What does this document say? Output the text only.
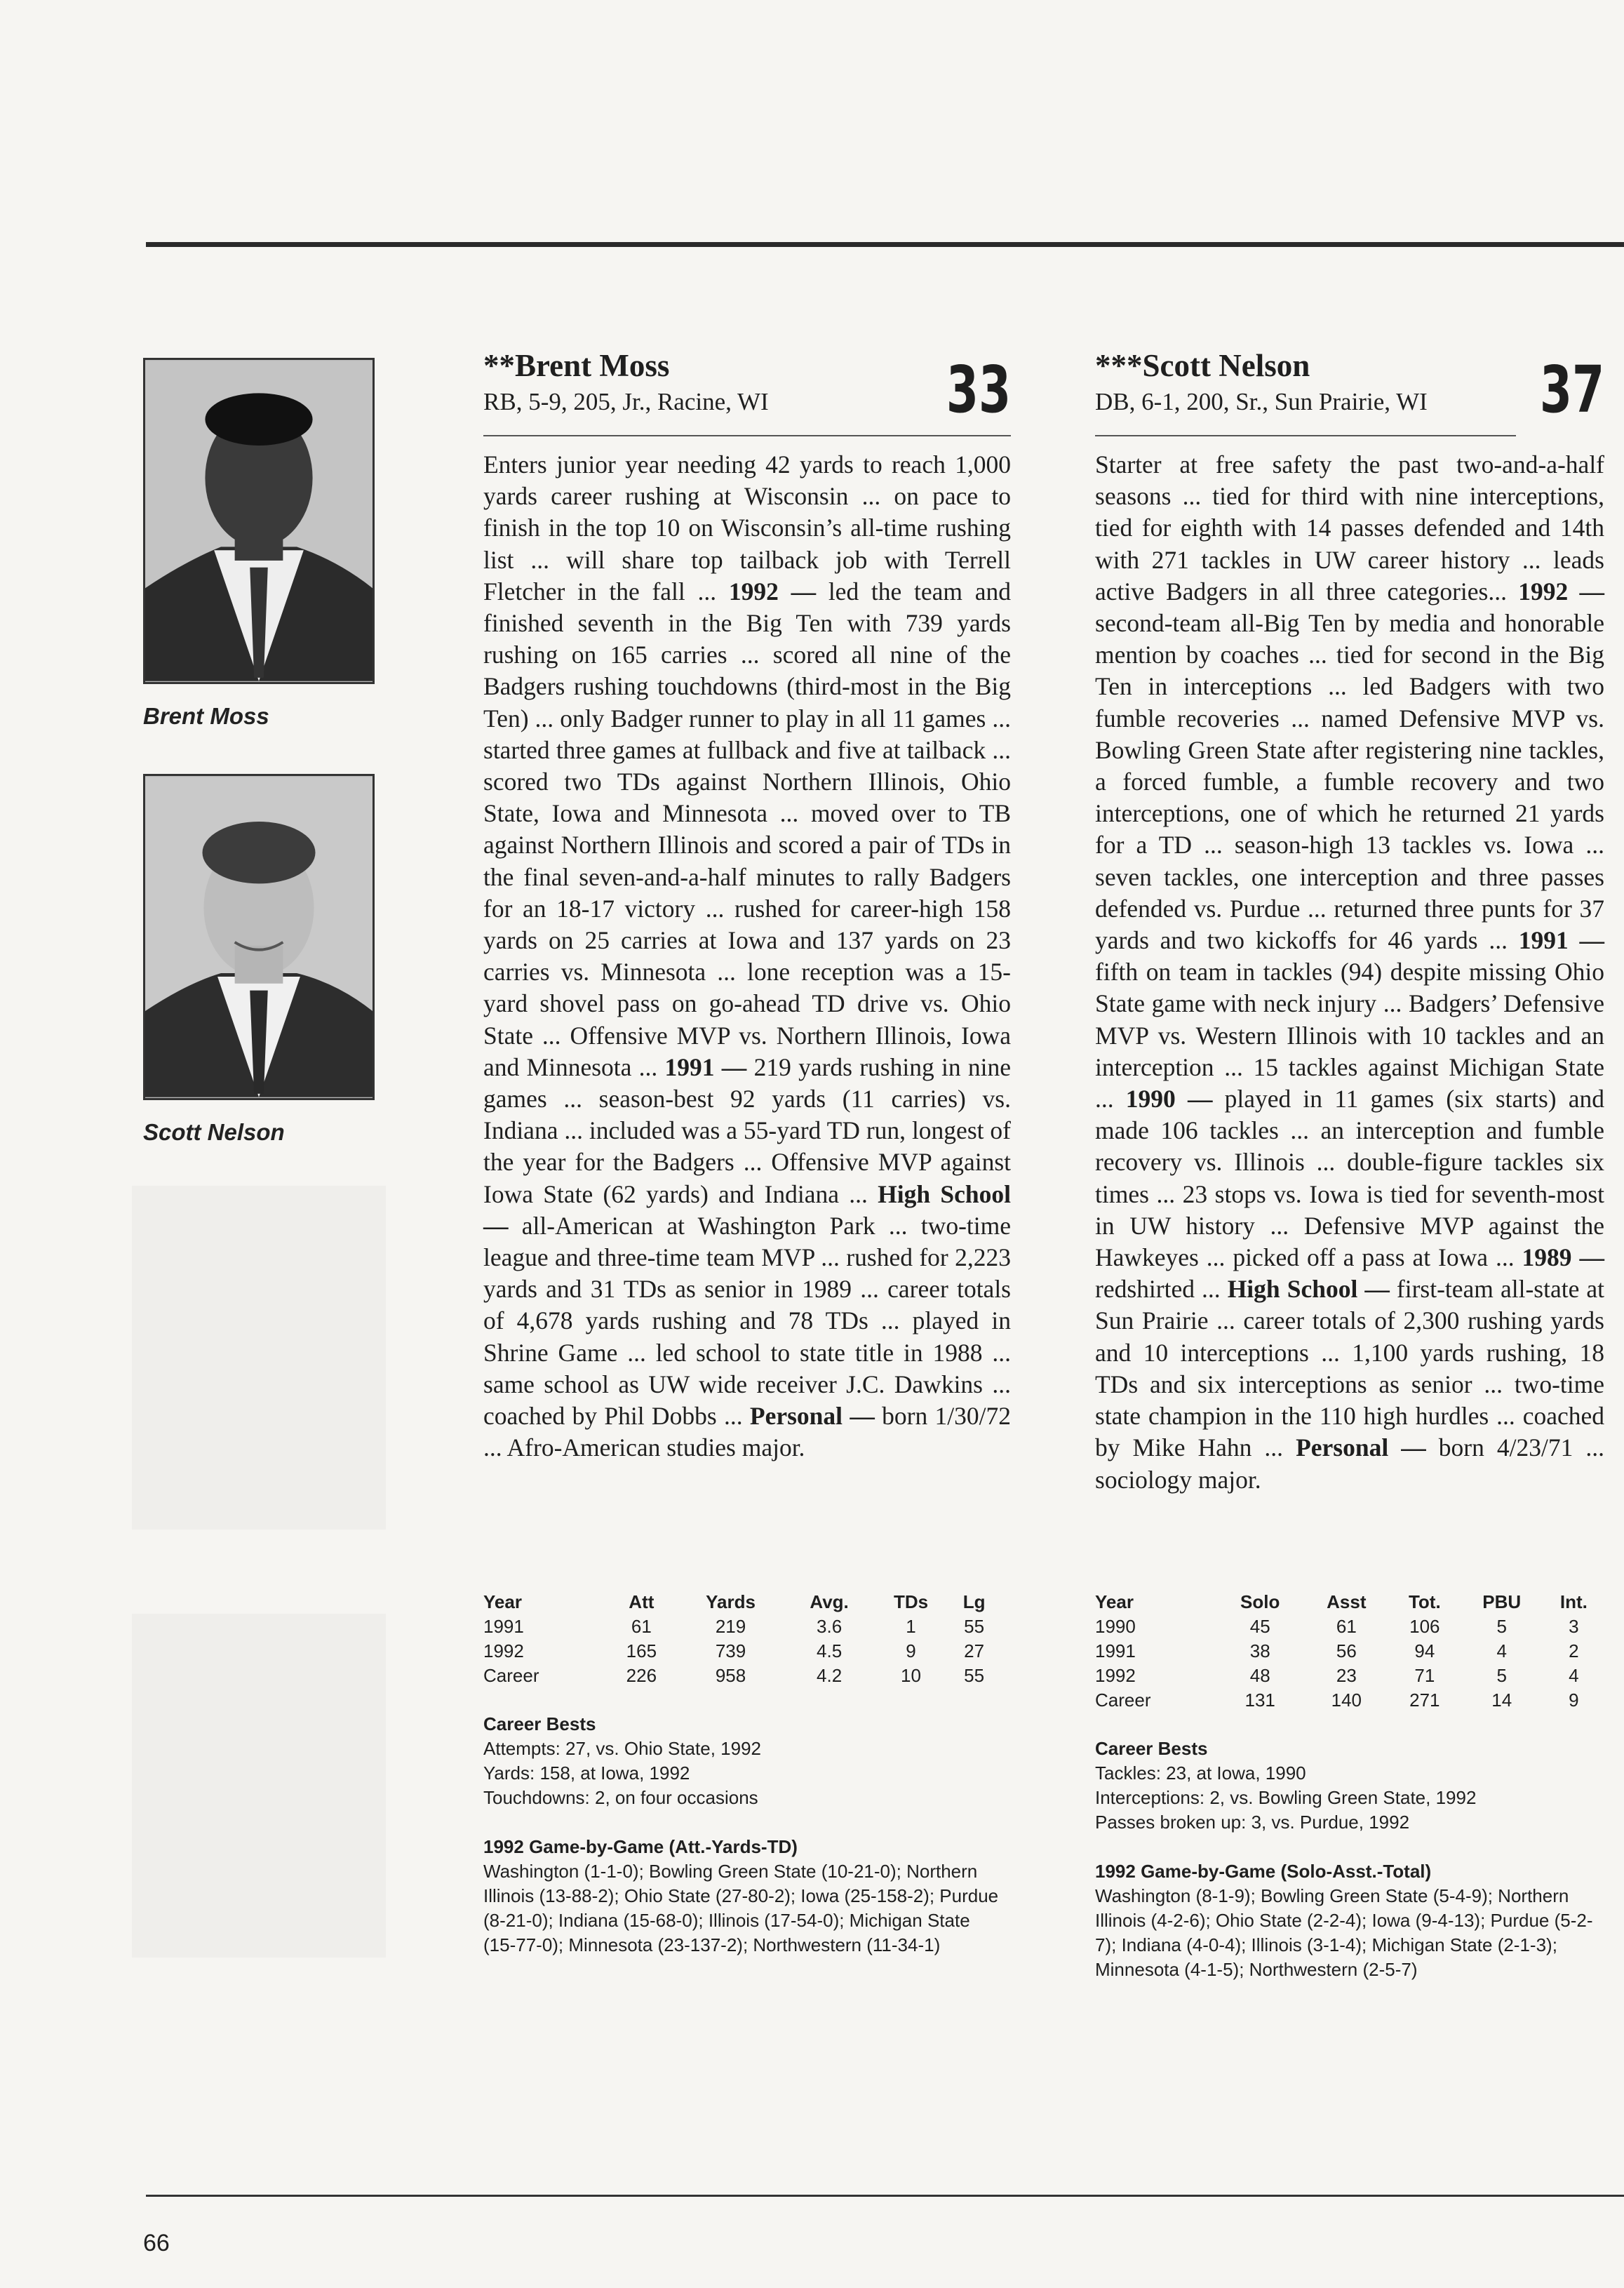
Brent Moss
Scott Nelson
**Brent Moss
RB, 5-9, 205, Jr., Racine, WI	33

Enters junior year needing 42 yards to reach 1,000 yards career rushing at Wisconsin ... on pace to finish in the top 10 on Wisconsin’s all-time rushing list ... will share top tailback job with Terrell Fletcher in the fall ... 1992 — led the team and finished seventh in the Big Ten with 739 yards rushing on 165 carries ... scored all nine of the Badgers rushing touchdowns (third-most in the Big Ten) ... only Badger runner to play in all 11 games ... started three games at fullback and five at tailback ... scored two TDs against Northern Illinois, Ohio State, Iowa and Minnesota ... moved over to TB against Northern Illinois and scored a pair of TDs in the final seven-and-a-half minutes to rally Badgers for an 18-17 victory ... rushed for career-high 158 yards on 25 carries at Iowa and 137 yards on 23 carries vs. Minnesota ... lone reception was a 15-yard shovel pass on go-ahead TD drive vs. Ohio State ... Offensive MVP vs. Northern Illinois, Iowa and Minnesota ... 1991 — 219 yards rushing in nine games ... season-best 92 yards (11 carries) vs. Indiana ... included was a 55-yard TD run, longest of the year for the Badgers ... Offensive MVP against Iowa State (62 yards) and Indiana ... High School — all-American at Washington Park ... two-time league and three-time team MVP ... rushed for 2,223 yards and 31 TDs as senior in 1989 ... career totals of 4,678 yards rushing and 78 TDs ... played in Shrine Game ... led school to state title in 1988 ... same school as UW wide receiver J.C. Dawkins ... coached by Phil Dobbs ... Personal — born 1/30/72 ... Afro-American studies major.

Year	Att	Yards	Avg.	TDs	Lg
1991	61	219	3.6	1	55
1992	165	739	4.5	9	27
Career	226	958	4.2	10	55
Career Bests
Attempts: 27, vs. Ohio State, 1992
Yards: 158, at Iowa, 1992
Touchdowns: 2, on four occasions
1992 Game-by-Game (Att.-Yards-TD)
Washington (1-1-0); Bowling Green State (10-21-0); Northern Illinois (13-88-2); Ohio State (27-80-2); Iowa (25-158-2); Purdue (8-21-0); Indiana (15-68-0); Illinois (17-54-0); Michigan State (15-77-0); Minnesota (23-137-2); Northwestern (11-34-1)
***Scott Nelson
DB, 6-1, 200, Sr., Sun Prairie, WI 37

Starter at free safety the past two-and-a-half seasons ... tied for third with nine interceptions, tied for eighth with 14 passes defended and 14th with 271 tackles in UW career history ... leads active Badgers in all three categories... 1992 — second-team all-Big Ten by media and honorable mention by coaches ... tied for second in the Big Ten in interceptions ... led Badgers with two fumble recoveries ... named Defensive MVP vs. Bowling Green State after registering nine tackles, a forced fumble, a fumble recovery and two interceptions, one of which he returned 21 yards for a TD ... season-high 13 tackles vs. Iowa ... seven tackles, one interception and three passes defended vs. Purdue ... returned three punts for 37 yards and two kickoffs for 46 yards ... 1991 — fifth on team in tackles (94) despite missing Ohio State game with neck injury ... Badgers’ Defensive MVP vs. Western Illinois with 10 tackles and an interception ... 15 tackles against Michigan State ... 1990 — played in 11 games (six starts) and made 106 tackles ... an interception and fumble recovery vs. Illinois ... double-figure tackles six times ... 23 stops vs. Iowa is tied for seventh-most in UW history ... Defensive MVP against the Hawkeyes ... picked off a pass at Iowa ... 1989 — redshirted ... High School — first-team all-state at Sun Prairie ... career totals of 2,300 rushing yards and 10 interceptions ... 1,100 yards rushing, 18 TDs and six interceptions as senior ... two-time state champion in the 110 high hurdles ... coached by Mike Hahn ... Personal — born 4/23/71 ... sociology major.

Year	Solo	Asst	Tot.	PBU	Int.
1990	45	61	106	5	3
1991	38	56	94	4	2
1992	48	23	71	5	4
Career	131	140	271	14	9
Career Bests
Tackles: 23, at Iowa, 1990
Interceptions: 2, vs. Bowling Green State, 1992
Passes broken up: 3, vs. Purdue, 1992
1992 Game-by-Game (Solo-Asst.-Total)
Washington (8-1-9); Bowling Green State (5-4-9); Northern Illinois (4-2-6); Ohio State (2-2-4); Iowa (9-4-13); Purdue (5-2-7); Indiana (4-0-4); Illinois (3-1-4); Michigan State (2-1-3); Minnesota (4-1-5); Northwestern (2-5-7)
66
